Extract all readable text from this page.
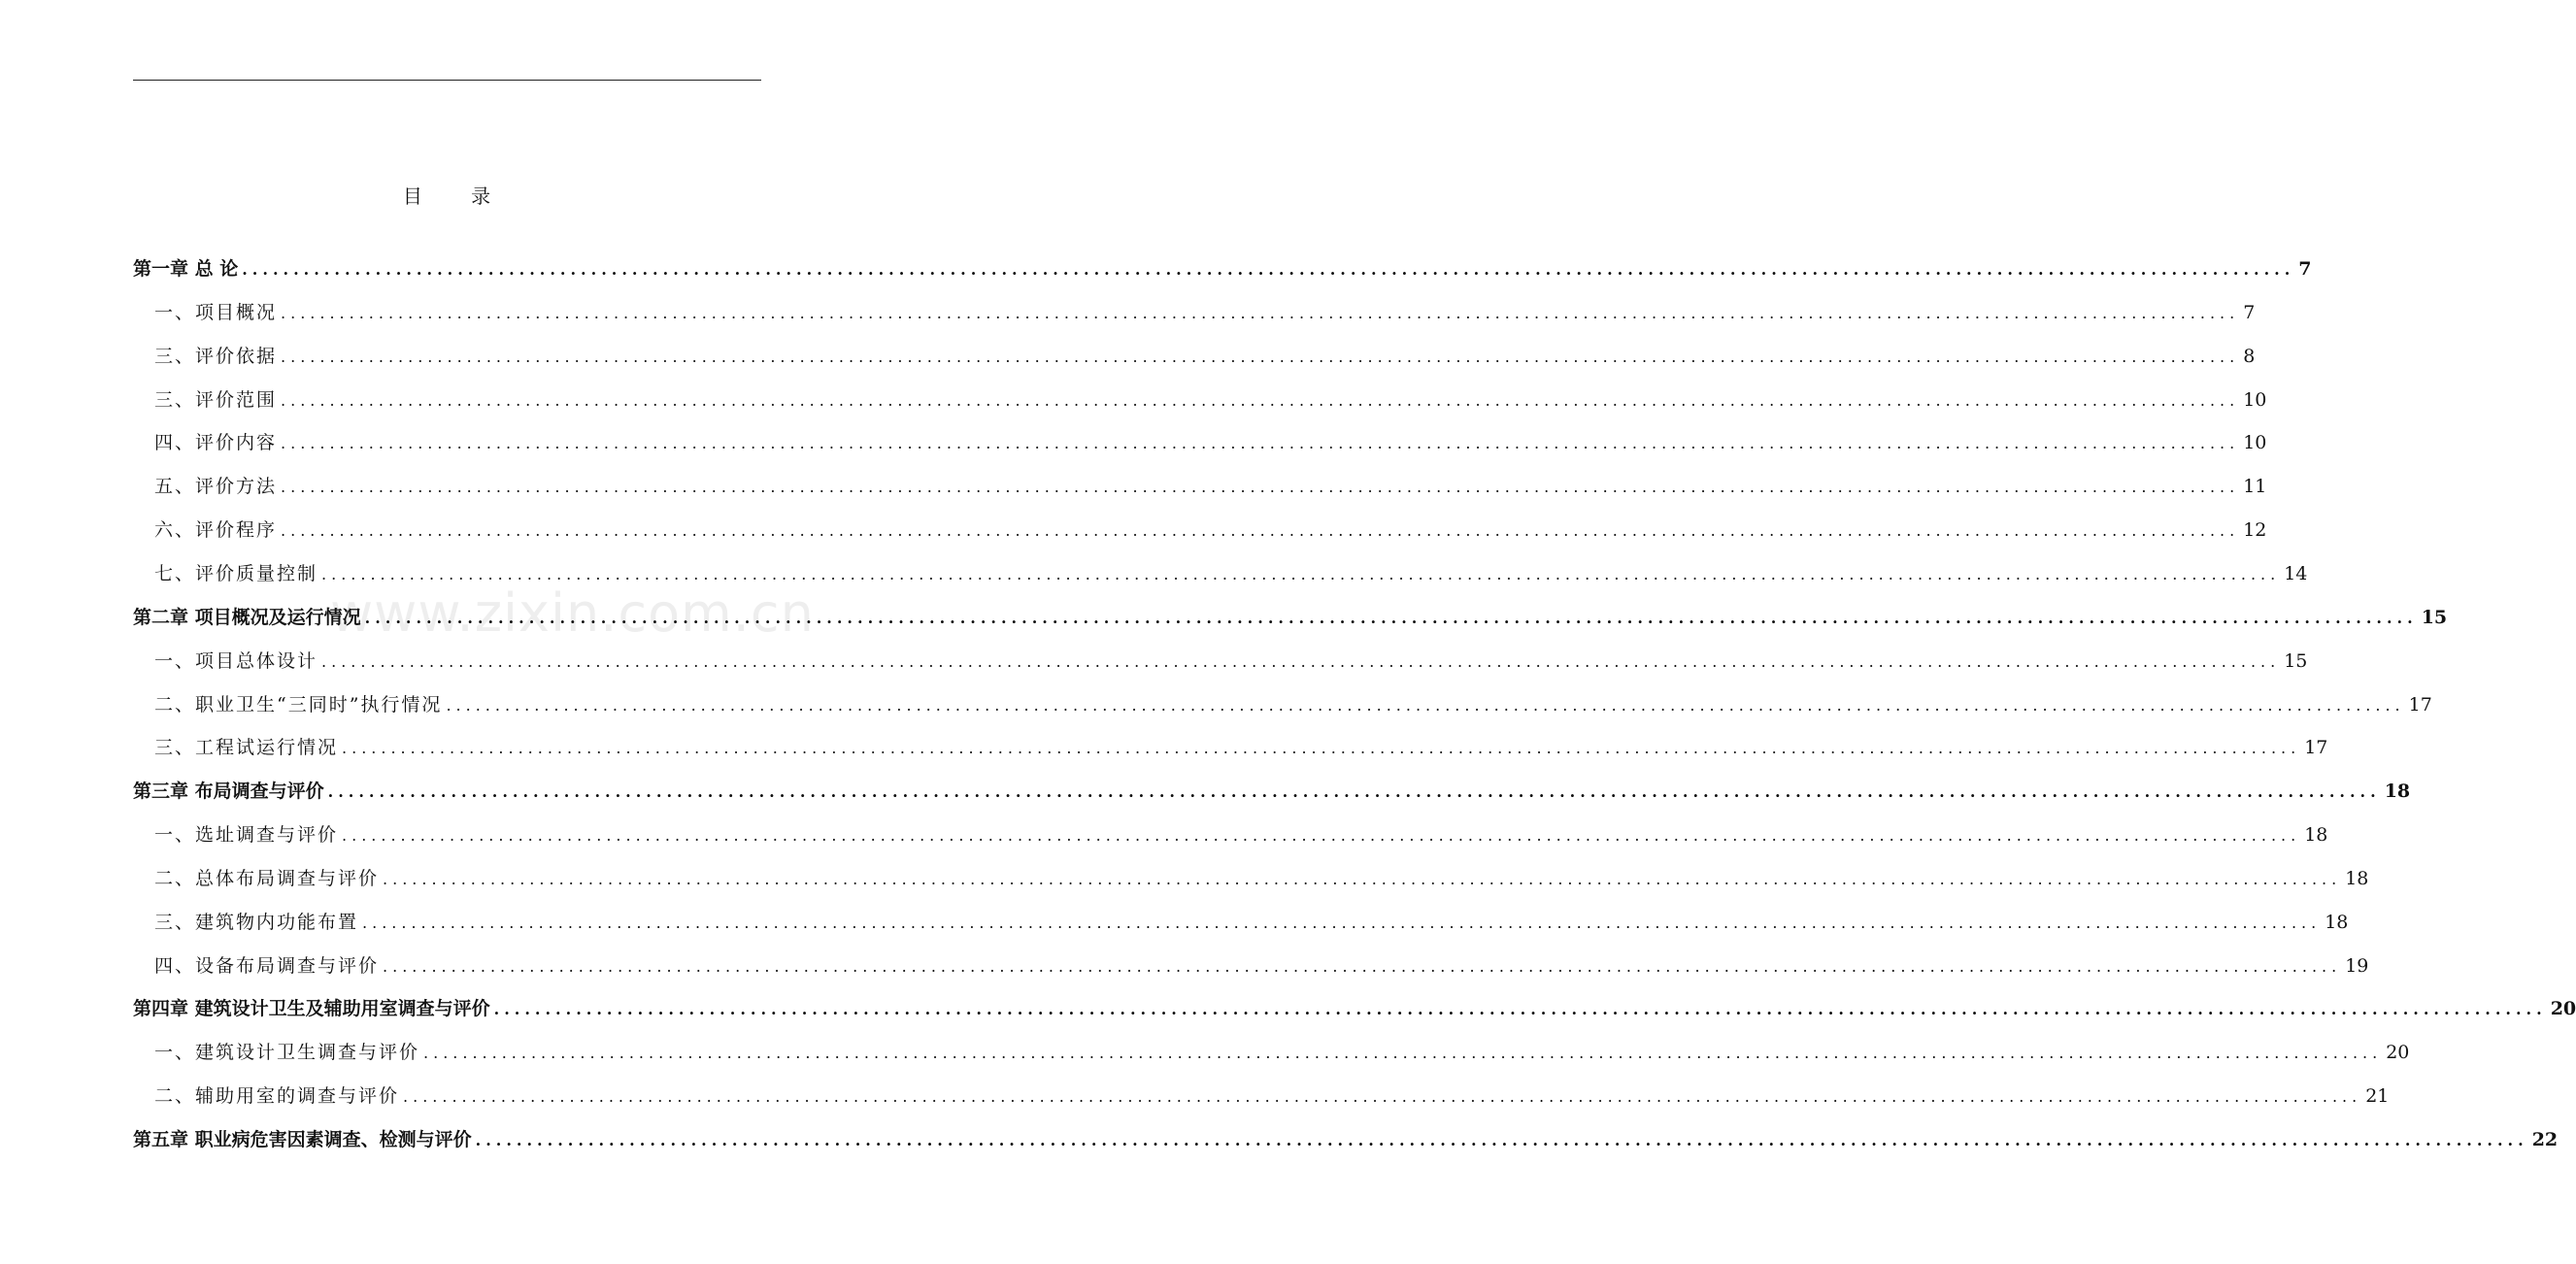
目 录
www.zixin.com.cn
第一章 总 论 ........................................................................................................................................................................................................ 7
一、项目概况 ........................................................................................................................................................................................................ 7
三、评价依据 ........................................................................................................................................................................................................ 8
三、评价范围 ........................................................................................................................................................................................................ 10
四、评价内容 ........................................................................................................................................................................................................ 10
五、评价方法 ........................................................................................................................................................................................................ 11
六、评价程序 ........................................................................................................................................................................................................ 12
七、评价质量控制 ........................................................................................................................................................................................................ 14
第二章 项目概况及运行情况 ........................................................................................................................................................................................................ 15
一、项目总体设计 ........................................................................................................................................................................................................ 15
二、职业卫生“三同时”执行情况 ........................................................................................................................................................................................................ 17
三、工程试运行情况 ........................................................................................................................................................................................................ 17
第三章 布局调查与评价 ........................................................................................................................................................................................................ 18
一、选址调查与评价 ........................................................................................................................................................................................................ 18
二、总体布局调查与评价 ........................................................................................................................................................................................................ 18
三、建筑物内功能布置 ........................................................................................................................................................................................................ 18
四、设备布局调查与评价 ........................................................................................................................................................................................................ 19
第四章 建筑设计卫生及辅助用室调查与评价 ........................................................................................................................................................................................................ 20
一、建筑设计卫生调查与评价 ........................................................................................................................................................................................................ 20
二、辅助用室的调查与评价 ........................................................................................................................................................................................................ 21
第五章 职业病危害因素调查、检测与评价 ........................................................................................................................................................................................................ 22
